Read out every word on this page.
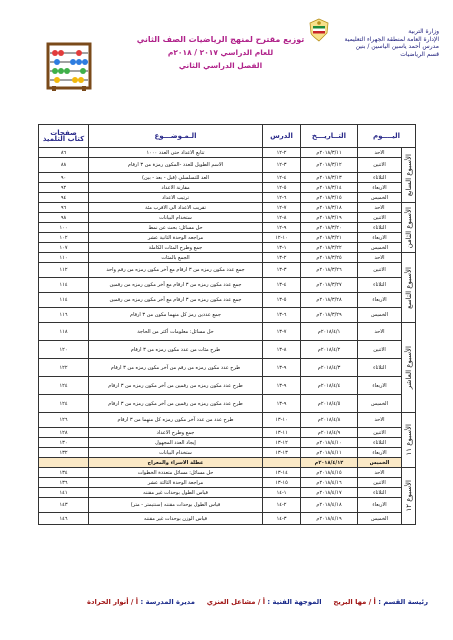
وزارة التربية
الإدارة العامة لمنطقة الجهراء التعليمية
مدرس أحمد ياسين الياسين / بنين
قسم الرياضيات
توزيع مقترح لمنهج الرياضيات الصف الثاني
للعام الدراسي ٢٠١٧ / ٢٠١٨م
الفصل الدراسي الثاني
اليــــوم		التــاريـــخ	الدرس	الـمـوضـــوع	صفحات كتاب التلميذ

الأسبوع السابع	الاحد	٢٠١٨/٣/١١م	٢-١٢	تتابع الاعداد حتى العدد ١٠٠٠	٨٦
	الاثنين	٢٠١٨/٣/١٢م	٣-١٢	الاسم الطويل للعدد -المكون رمزة من ٣ ارقام	٨٨
	الثلاثاء	٢٠١٨/٣/١٣م	٤-١٢	العد للتسلسلي (قبل - بعد - بين)	٩٠
	الاربعاء	٢٠١٨/٣/١٤م	٥-١٢	مقارنة الاعداد	٩٢
	الخميس	٢٠١٨/٣/١٥م	٦-١٢	ترتيب الاعداد	٩٤

الأسبوع الثامن	الاحد	٢٠١٨/٣/١٨م	٧-١٢	تقريب الاعداد الى الاقرب مئة	٩٦
	الاثنين	٢٠١٨/٣/١٩م	٨-١٢	ستخدام البيانات	٩٨
	الثلاثاء	٢٠١٨/٣/٢٠م	٩-١٢	حل مسائل: بحث عن نمط	١٠٠
	الاربعاء	٢٠١٨/٣/٢١م	١٠-١٢	مراجعه الوحدة الثانية عشر	١٠٢
	الخميس	٢٠١٨/٣/٢٢م	١-١٣	جمع وطرح المئات الكاملة	١٠٧

الأسبوع التاسع	الاحد	٢٠١٨/٣/٢٥م	٢-١٣	الجمع بالمئات	١١٠
	الاثنين	٢٠١٨/٣/٢٦م	٣-١٣	جمع عدد مكون رمزه من ٣ ارقام مع آخر مكون رمزه من رقم واحد	١١٢
	الثلاثاء	٢٠١٨/٣/٢٧م	٤-١٣	جمع عدد مكون رمزه من ٣ ارقام مع آخر مكون رمزه من رقمين	١١٤
	الاربعاء	٢٠١٨/٣/٢٨م	٥-١٣	جمع عدد مكون رمزه من ٣ ارقام مع آخر مكون رمزه من رقمين	١١٤
	الخميس	٢٠١٨/٣/٢٩م	٦-١٣	جمع عددين رمز كل منهما مكون من ٣ ارقام	١١٦

الأسبوع العاشر	الاحد	٢٠١٨/٤/١م	٧-١٣	حل مسائل: معلومات أكثر من الحاجة	١١٨
	الاثنين	٢٠١٨/٤/٢م	٨-١٣	طرح مئات من عدد مكون رمزه من ٣ ارقام	١٢٠
	الثلاثاء	٢٠١٨/٤/٣م	٩-١٣	طرح عدد مكون رمزه من رقم من آخر مكون رمزه من ٣ ارقام	١٢٢
	الاربعاء	٢٠١٨/٤/٤م	٩-١٣	طرح عدد مكون رمزه من رقمين من آخر مكون رمزه من ٣ ارقام	١٢٤
	الخميس	٢٠١٨/٤/٥م	٩-١٣	طرح عدد مكون رمزه من رقمين من آخر مكون رمزه من ٣ ارقام	١٢٤

الأسبوع ١١	الاحد	٢٠١٨/٤/٨م	١٠-١٣	طرح عدد من عدد آخر مكون رمزه كل منهما من ٣ ارقام	١٢٦
	الاثنين	٢٠١٨/٤/٩م	١١-١٣	جمع وطرح الاعداد	١٢٨
	الثلاثاء	٢٠١٨/٤/١٠م	١٢-١٣	إيجاد العدد المجهول	١٣٠
	الاربعاء	٢٠١٨/٤/١١م	١٣-١٣	ستخدام البيانات	١٣٢
	الخميس	٢٠١٨/٤/١٢م		عطلة الاسراء والمعراج	

الأسبوع ١٢	الاحد	٢٠١٨/٤/١٥م	١٤-١٣	حل مسائل: مسائل متعددة الخطوات	١٣٤
	الاثنين	٢٠١٨/٤/١٦م	١٥-١٣	مراجعة الوحدة الثالثة عشر	١٣٦
	الثلاثاء	٢٠١٨/٤/١٧م	١-١٤	قياس الطول بوحدات غير مقننه	١٤١
	الاربعاء	٢٠١٨/٤/١٨م	٢-١٤	قياس الطول بوحدات مقننه (سنتيمتر - متر)	١٤٣
	الخميس	٢٠١٨/٤/١٩م	٣-١٤	قياس الوزن بوحدات غير مقننه	١٤٦
رئيسة القسم : أ / مها البريح     الموجهة الفنية : أ / مشاعل العنزي     مديرة المدرسة : أ / أنوار الحرادة
